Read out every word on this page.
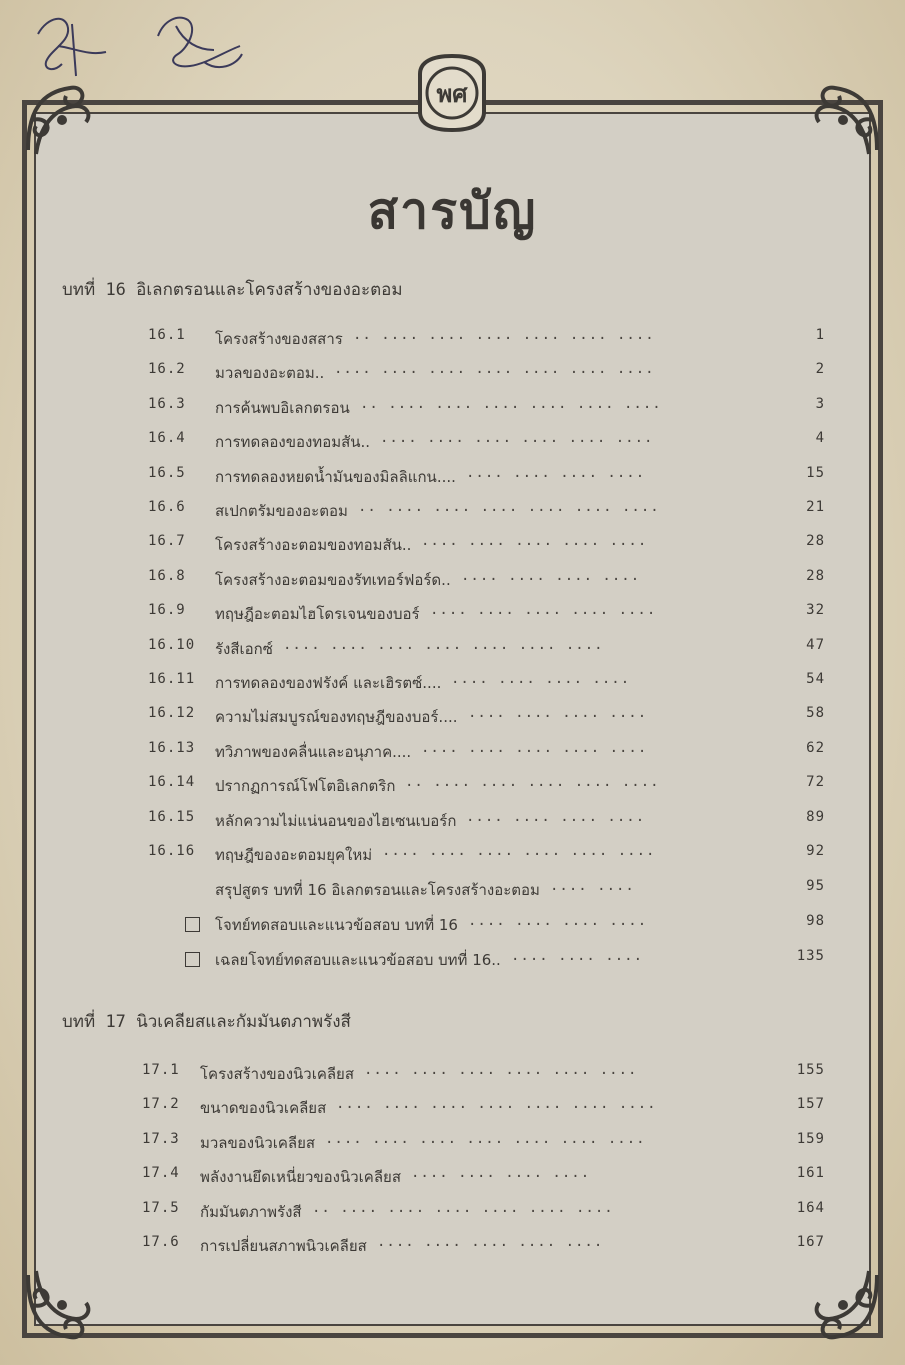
พศ
สารบัญ
บทที่ 16 อิเลกตรอนและโครงสร้างของอะตอม
16.1 โครงสร้างของสสาร .. .... .... .... .... .... ....	1
16.2 มวลของอะตอม.. .... .... .... .... .... .... ....	2
16.3 การค้นพบอิเลกตรอน .. .... .... .... .... .... ....	3
16.4 การทดลองของทอมสัน.. .... .... .... .... .... ....	4
16.5 การทดลองหยดน้ำมันของมิลลิแกน.... .... .... .... ....	15
16.6 สเปกตรัมของอะตอม .. .... .... .... .... .... ....	21
16.7 โครงสร้างอะตอมของทอมสัน.. .... .... .... .... ....	28
16.8 โครงสร้างอะตอมของรัทเทอร์ฟอร์ด.. .... .... .... ....	28
16.9 ทฤษฎีอะตอมไฮโดรเจนของบอร์ .... .... .... .... ....	32
16.10 รังสีเอกซ์ .... .... .... .... .... .... ....	47
16.11 การทดลองของฟรังค์ และเฮิรตซ์.... .... .... .... ....	54
16.12 ความไม่สมบูรณ์ของทฤษฎีของบอร์.... .... .... .... ....	58
16.13 ทวิภาพของคลื่นและอนุภาค.... .... .... .... .... ....	62
16.14 ปรากฏการณ์โฟโตอิเลกตริก .. .... .... .... .... ....	72
16.15 หลักความไม่แน่นอนของไฮเซนเบอร์ก .... .... .... ....	89
16.16 ทฤษฎีของอะตอมยุคใหม่ .... .... .... .... .... ....	92
สรุปสูตร บทที่ 16 อิเลกตรอนและโครงสร้างอะตอม .... ....	95
โจทย์ทดสอบและแนวข้อสอบ บทที่ 16 .... .... .... ....	98
เฉลยโจทย์ทดสอบและแนวข้อสอบ บทที่ 16.. .... .... ....	135
บทที่ 17 นิวเคลียสและกัมมันตภาพรังสี
17.1 โครงสร้างของนิวเคลียส .... .... .... .... .... ....	155
17.2 ขนาดของนิวเคลียส .... .... .... .... .... .... ....	157
17.3 มวลของนิวเคลียส .... .... .... .... .... .... ....	159
17.4 พลังงานยึดเหนี่ยวของนิวเคลียส .... .... .... ....	161
17.5 กัมมันตภาพรังสี .. .... .... .... .... .... ....	164
17.6 การเปลี่ยนสภาพนิวเคลียส .... .... .... .... ....	167
